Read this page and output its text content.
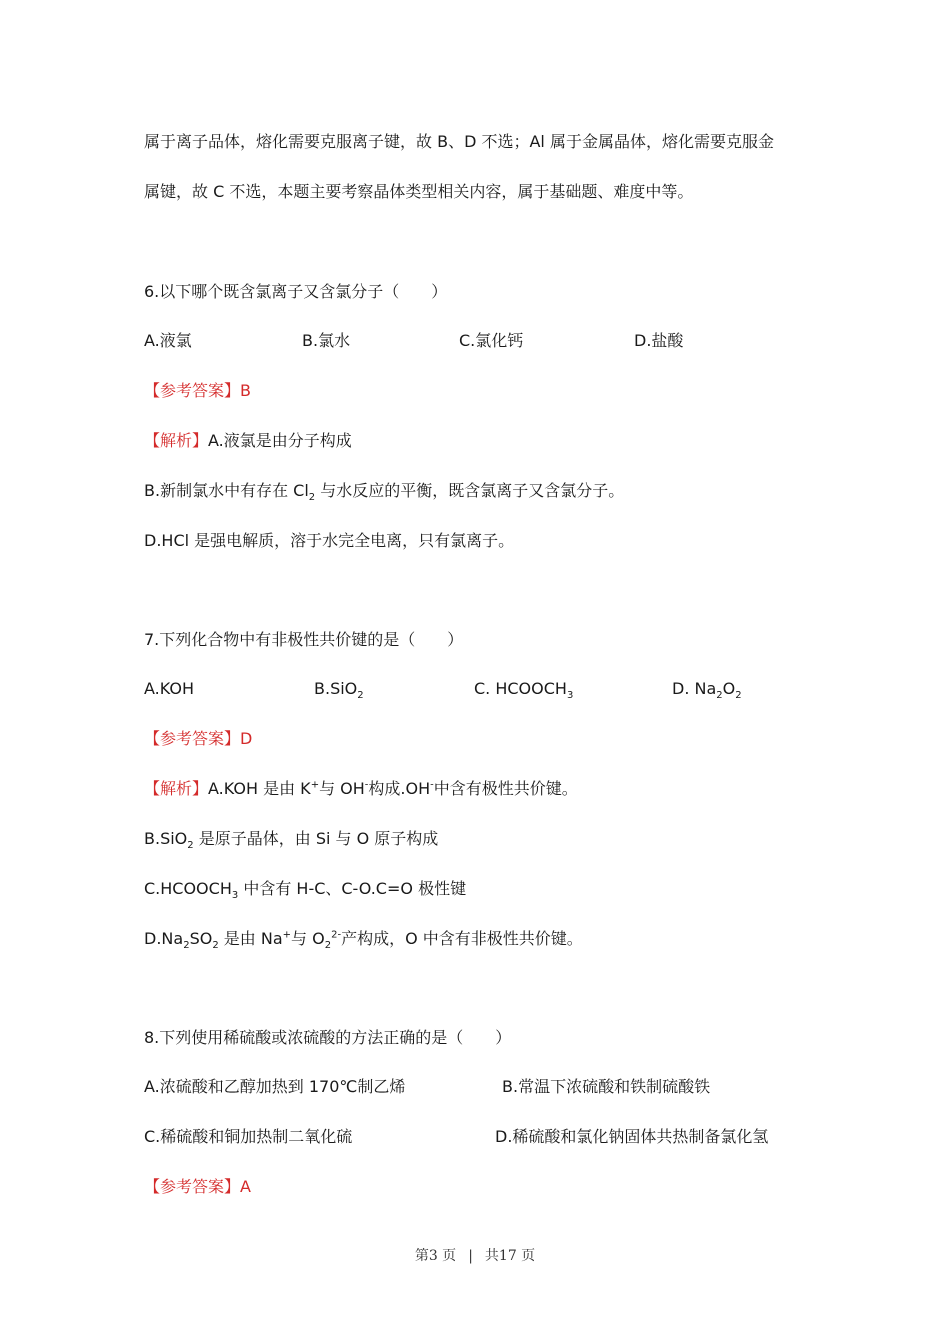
属于离子品体，熔化需要克服离子键，故 B、D 不选；Al 属于金属晶体，熔化需要克服金
属键，故 C 不选，本题主要考察晶体类型相关内容，属于基础题、难度中等。
6.以下哪个既含氯离子又含氯分子（　　）
A.液氯	B.氯水	C.氯化钙	D.盐酸
【参考答案】B
【解析】A.液氯是由分子构成
B.新制氯水中有存在 $Cl_2$ 与水反应的平衡，既含氯离子又含氯分子。
D.HCl 是强电解质，溶于水完全电离，只有氯离子。
7.下列化合物中有非极性共价键的是（　　）
A.KOH	B.SiO$_2$	C. $HCOOCH_3$	D. $Na_2O_2$
【参考答案】D
【解析】A.KOH 是由 K+与 OH-构成.OH-中含有极性共价键。
B.SiO$_2$ 是原子晶体，由 Si 与 O 原子构成
$C.HCOOCH_3$ 中含有 H-C、C-O.C=O 极性键
$D.Na_2SO_2$ 是由 Na+与 $O_2^{2-}$产构成，O 中含有非极性共价键。
8.下列使用稀硫酸或浓硫酸的方法正确的是（　　）
A.浓硫酸和乙醇加热到 170℃制乙烯	B.常温下浓硫酸和铁制硫酸铁
C.稀硫酸和铜加热制二氧化硫	D.稀硫酸和氯化钠固体共热制备氯化氢
【参考答案】A
第3 页 | 共17 页
